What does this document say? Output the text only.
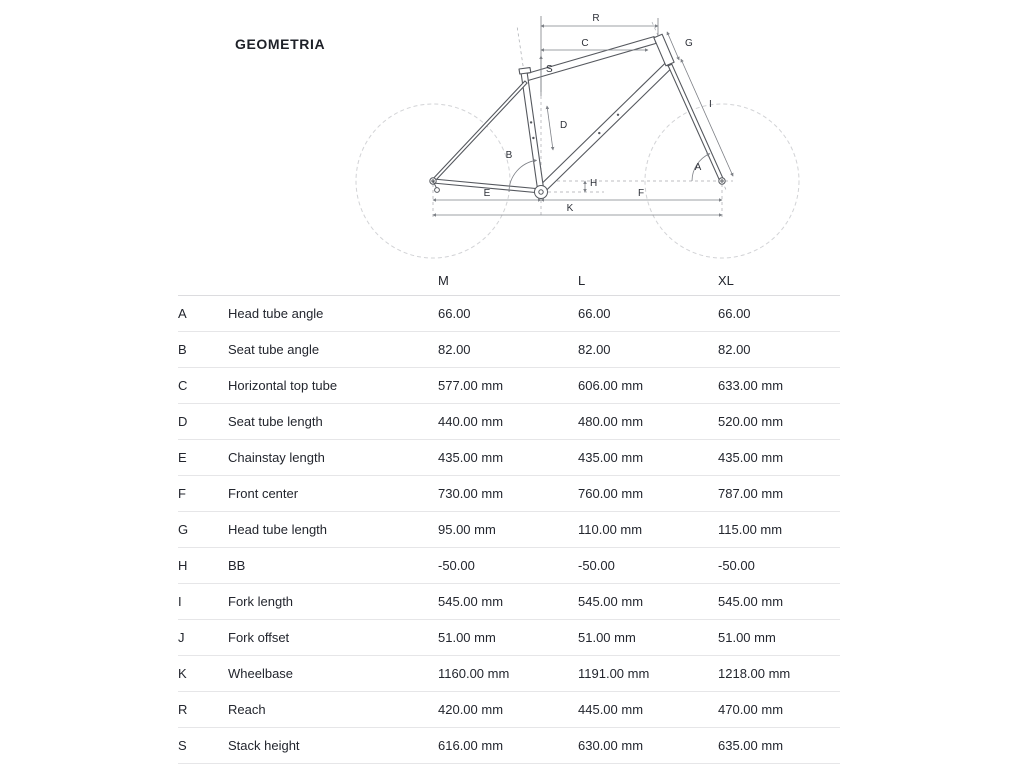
GEOMETRIA
R
C
S
G
D
I
B
A
H
E	F
K
		M	L	XL
A	Head tube angle	66.00	66.00	66.00
B	Seat tube angle	82.00	82.00	82.00
C	Horizontal top tube	577.00 mm	606.00 mm	633.00 mm
D	Seat tube length	440.00 mm	480.00 mm	520.00 mm
E	Chainstay length	435.00 mm	435.00 mm	435.00 mm
F	Front center	730.00 mm	760.00 mm	787.00 mm
G	Head tube length	95.00 mm	110.00 mm	115.00 mm
H	BB	-50.00	-50.00	-50.00
I	Fork length	545.00 mm	545.00 mm	545.00 mm
J	Fork offset	51.00 mm	51.00 mm	51.00 mm
K	Wheelbase	1160.00 mm	1191.00 mm	1218.00 mm
R	Reach	420.00 mm	445.00 mm	470.00 mm
S	Stack height	616.00 mm	630.00 mm	635.00 mm
